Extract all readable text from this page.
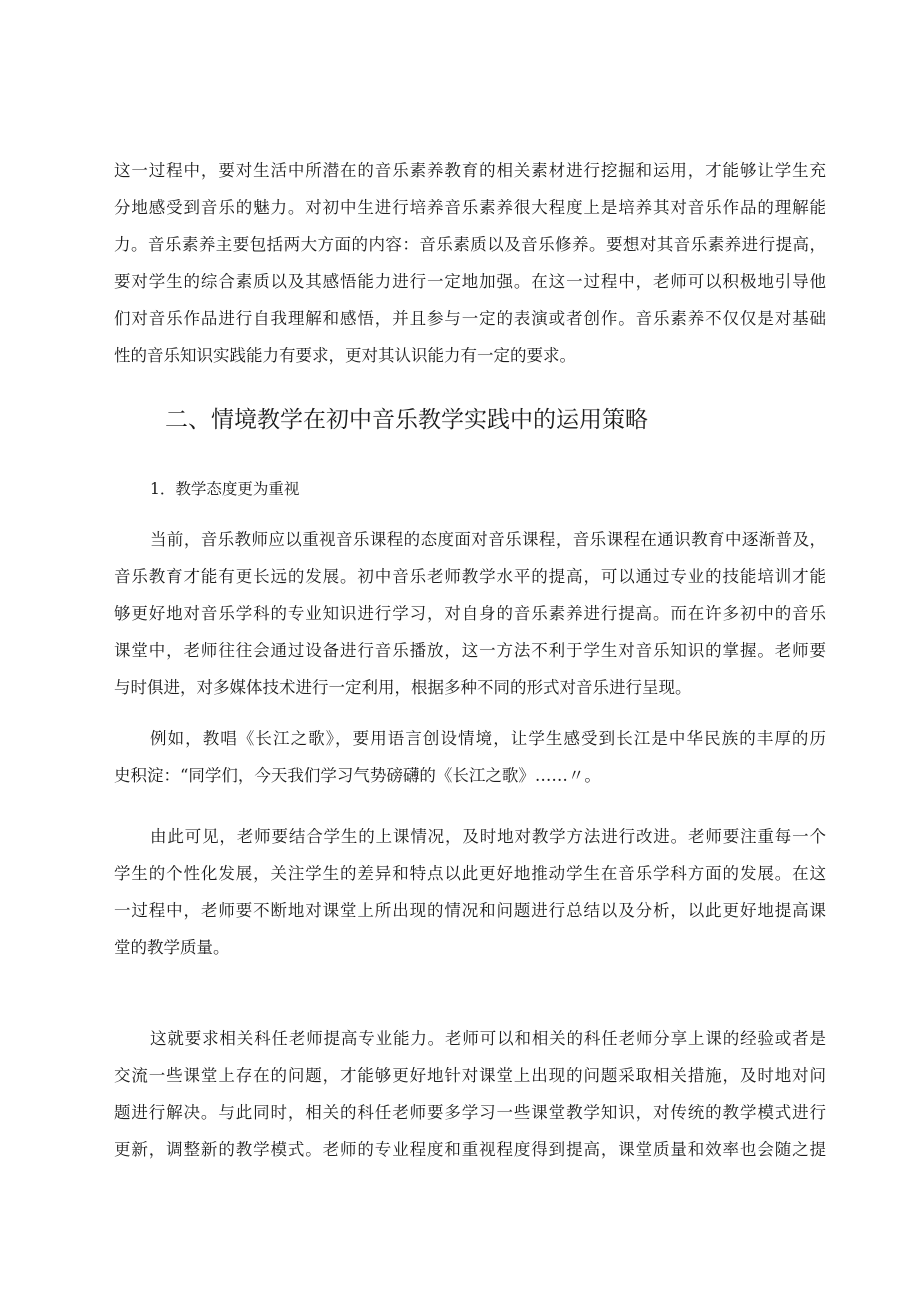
这一过程中，要对生活中所潜在的音乐素养教育的相关素材进行挖掘和运用，才能够让学生充
分地感受到音乐的魅力。对初中生进行培养音乐素养很大程度上是培养其对音乐作品的理解能
力。音乐素养主要包括两大方面的内容：音乐素质以及音乐修养。要想对其音乐素养进行提高，
要对学生的综合素质以及其感悟能力进行一定地加强。在这一过程中，老师可以积极地引导他
们对音乐作品进行自我理解和感悟，并且参与一定的表演或者创作。音乐素养不仅仅是对基础
性的音乐知识实践能力有要求，更对其认识能力有一定的要求。
二、情境教学在初中音乐教学实践中的运用策略
1．教学态度更为重视
当前，音乐教师应以重视音乐课程的态度面对音乐课程，音乐课程在通识教育中逐渐普及，
音乐教育才能有更长远的发展。初中音乐老师教学水平的提高，可以通过专业的技能培训才能
够更好地对音乐学科的专业知识进行学习，对自身的音乐素养进行提高。而在许多初中的音乐
课堂中，老师往往会通过设备进行音乐播放，这一方法不利于学生对音乐知识的掌握。老师要
与时俱进，对多媒体技术进行一定利用，根据多种不同的形式对音乐进行呈现。
例如，教唱《长江之歌》，要用语言创设情境，让学生感受到长江是中华民族的丰厚的历
史积淀：“同学们，今天我们学习气势磅礴的《长江之歌》……〃。
由此可见，老师要结合学生的上课情况，及时地对教学方法进行改进。老师要注重每一个
学生的个性化发展，关注学生的差异和特点以此更好地推动学生在音乐学科方面的发展。在这
一过程中，老师要不断地对课堂上所出现的情况和问题进行总结以及分析，以此更好地提高课
堂的教学质量。
这就要求相关科任老师提高专业能力。老师可以和相关的科任老师分享上课的经验或者是
交流一些课堂上存在的问题，才能够更好地针对课堂上出现的问题采取相关措施，及时地对问
题进行解决。与此同时，相关的科任老师要多学习一些课堂教学知识，对传统的教学模式进行
更新，调整新的教学模式。老师的专业程度和重视程度得到提高，课堂质量和效率也会随之提
